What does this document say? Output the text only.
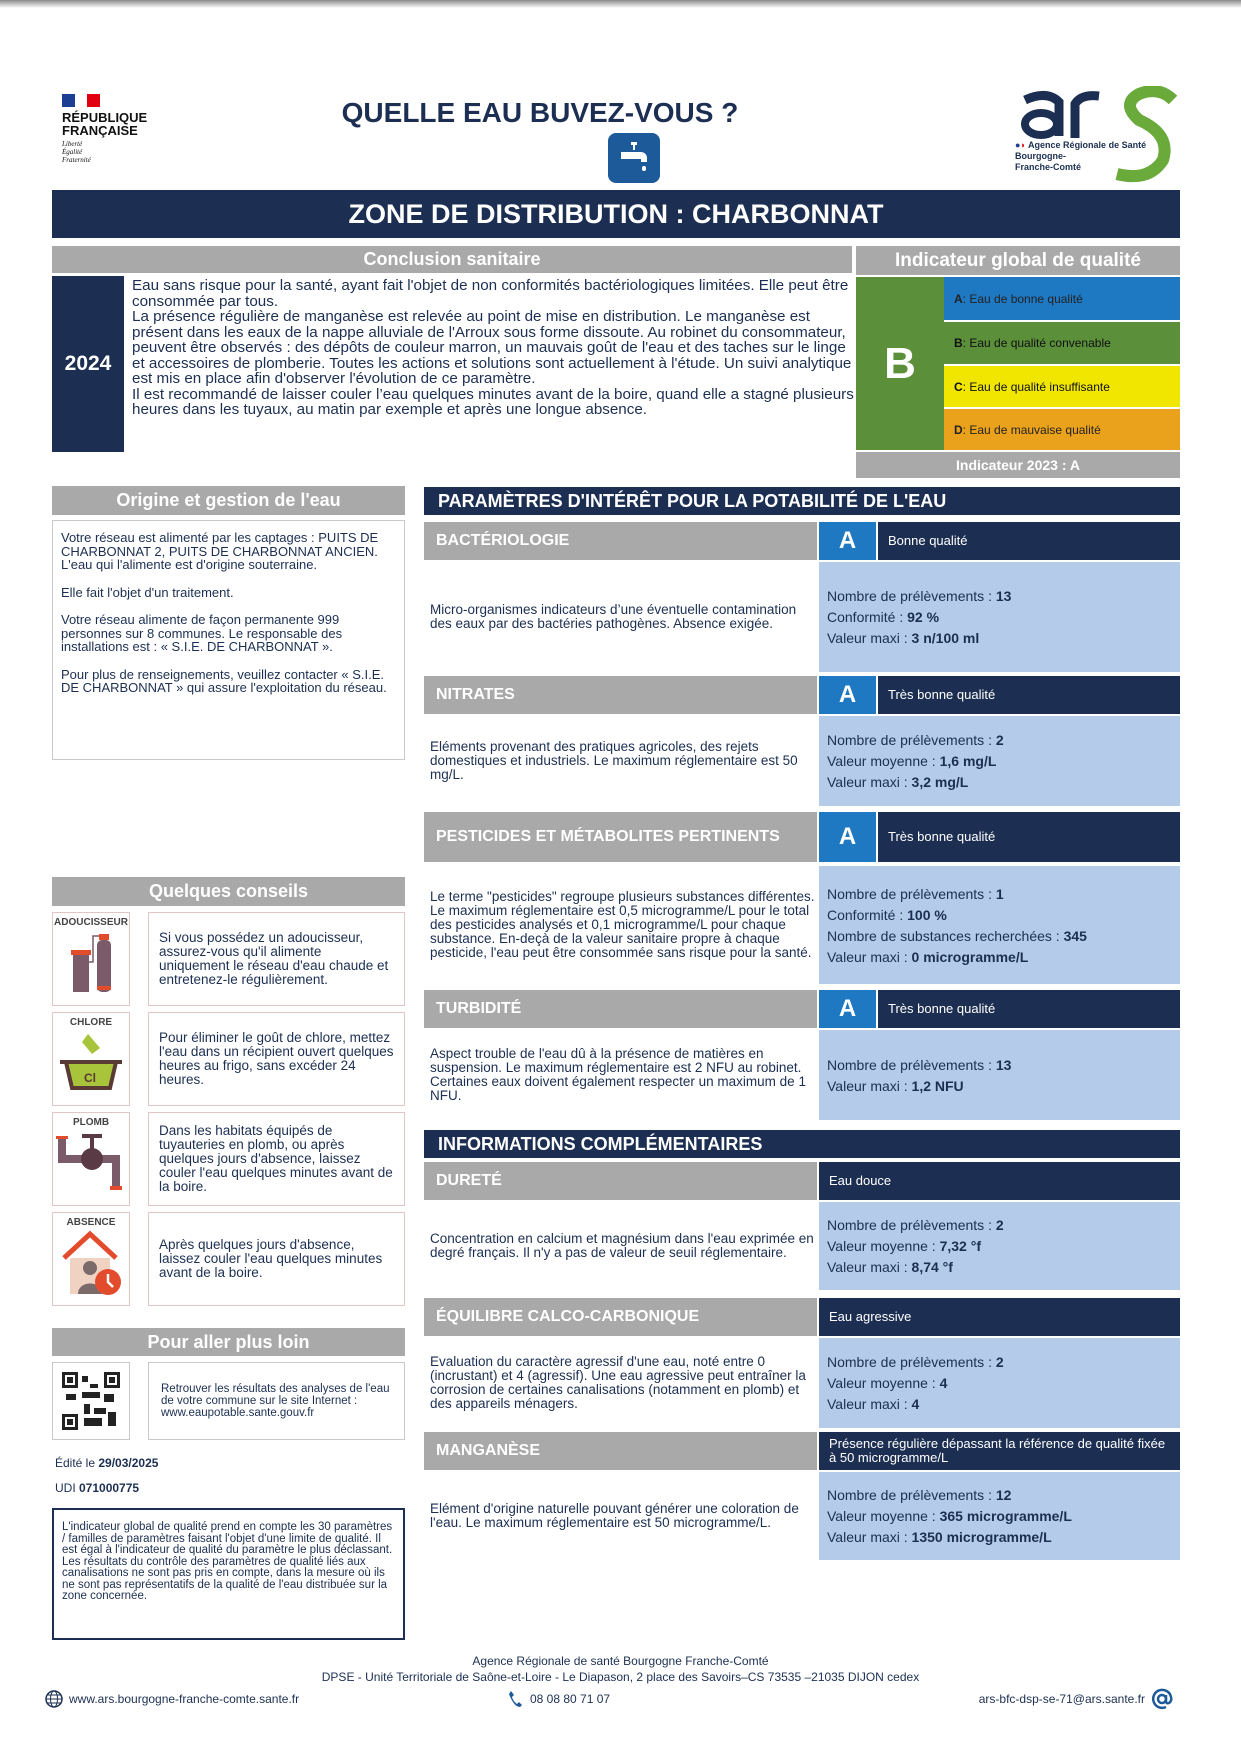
RÉPUBLIQUE
FRANÇAISE
Liberté
Égalité
Fraternité
QUELLE EAU BUVEZ-VOUS ?
●◗ Agence Régionale de Santé
Bourgogne-
Franche-Comté
ZONE DE DISTRIBUTION : CHARBONNAT
Conclusion sanitaire
2024
Eau sans risque pour la santé, ayant fait l'objet de non conformités bactériologiques limitées. Elle peut être consommée par tous.
La présence régulière de manganèse est relevée au point de mise en distribution. Le manganèse est présent dans les eaux de la nappe alluviale de l'Arroux sous forme dissoute. Au robinet du consommateur, peuvent être observés : des dépôts de couleur marron, un mauvais goût de l'eau et des taches sur le linge et accessoires de plomberie. Toutes les actions et solutions sont actuellement à l'étude. Un suivi analytique est mis en place afin d'observer l'évolution de ce paramètre.
Il est recommandé de laisser couler l’eau quelques minutes avant de la boire, quand elle a stagné plusieurs heures dans les tuyaux, au matin par exemple et après une longue absence.
Indicateur global de qualité
B
A : Eau de bonne qualité
B : Eau de qualité convenable
C : Eau de qualité insuffisante
D : Eau de mauvaise qualité
Indicateur 2023 : A
Origine et gestion de l'eau

Votre réseau est alimenté par les captages : PUITS DE CHARBONNAT 2, PUITS DE CHARBONNAT ANCIEN. L'eau qui l'alimente est d'origine souterraine.

Elle fait l'objet d'un traitement.

Votre réseau alimente de façon permanente 999 personnes sur 8 communes. Le responsable des installations est : « S.I.E. DE CHARBONNAT ».

Pour plus de renseignements, veuillez contacter « S.I.E. DE CHARBONNAT » qui assure l'exploitation du réseau.

Quelques conseils
ADOUCISSEUR
Si vous possédez un adoucisseur, assurez-vous qu'il alimente uniquement le réseau d'eau chaude et entretenez-le régulièrement.
CHLORE
Cl
Pour éliminer le goût de chlore, mettez l'eau dans un récipient ouvert quelques heures au frigo, sans excéder 24 heures.
PLOMB
Dans les habitats équipés de tuyauteries en plomb, ou après quelques jours d'absence, laissez couler l'eau quelques minutes avant de la boire.
ABSENCE
Après quelques jours d'absence, laissez couler l'eau quelques minutes avant de la boire.
Pour aller plus loin
Retrouver les résultats des analyses de l'eau de votre commune sur le site Internet : www.eaupotable.sante.gouv.fr
Édité le 29/03/2025
UDI 071000775
L'indicateur global de qualité prend en compte les 30 paramètres / familles de paramètres faisant l'objet d'une limite de qualité. Il est égal à l'indicateur de qualité du paramètre le plus déclassant. Les résultats du contrôle des paramètres de qualité liés aux canalisations ne sont pas pris en compte, dans la mesure où ils ne sont pas représentatifs de la qualité de l'eau distribuée sur la zone concernée.
PARAMÈTRES D'INTÉRÊT POUR LA POTABILITÉ DE L'EAU
BACTÉRIOLOGIE	A	Bonne qualité
Micro-organismes indicateurs d’une éventuelle contamination des eaux par des bactéries pathogènes. Absence exigée.
Nombre de prélèvements : 13
Conformité : 92 %
Valeur maxi : 3 n/100 ml
NITRATES	A	Très bonne qualité
Eléments provenant des pratiques agricoles, des rejets domestiques et industriels. Le maximum réglementaire est 50 mg/L.
Nombre de prélèvements : 2
Valeur moyenne : 1,6 mg/L
Valeur maxi : 3,2 mg/L
PESTICIDES ET MÉTABOLITES PERTINENTS	A	Très bonne qualité
Le terme "pesticides" regroupe plusieurs substances différentes. Le maximum réglementaire est 0,5 microgramme/L pour le total des pesticides analysés et 0,1 microgramme/L pour chaque substance. En-deçà de la valeur sanitaire propre à chaque pesticide, l'eau peut être consommée sans risque pour la santé.
Nombre de prélèvements : 1
Conformité : 100 %
Nombre de substances recherchées : 345
Valeur maxi : 0 microgramme/L
TURBIDITÉ	A	Très bonne qualité
Aspect trouble de l'eau dû à la présence de matières en suspension. Le maximum réglementaire est 2 NFU au robinet. Certaines eaux doivent également respecter un maximum de 1 NFU.
Nombre de prélèvements : 13
Valeur maxi : 1,2 NFU
INFORMATIONS COMPLÉMENTAIRES
DURETÉ	Eau douce
Concentration en calcium et magnésium dans l'eau exprimée en degré français. Il n'y a pas de valeur de seuil réglementaire.
Nombre de prélèvements : 2
Valeur moyenne : 7,32 °f
Valeur maxi : 8,74 °f
ÉQUILIBRE CALCO-CARBONIQUE	Eau agressive
Evaluation du caractère agressif d'une eau, noté entre 0 (incrustant) et 4 (agressif). Une eau agressive peut entraîner la corrosion de certaines canalisations (notamment en plomb) et des appareils ménagers.
Nombre de prélèvements : 2
Valeur moyenne : 4
Valeur maxi : 4
MANGANÈSE	Présence régulière dépassant la référence de qualité fixée à 50 microgramme/L
Elément d'origine naturelle pouvant générer une coloration de l'eau. Le maximum réglementaire est 50 microgramme/L.
Nombre de prélèvements : 12
Valeur moyenne : 365 microgramme/L
Valeur maxi : 1350 microgramme/L
Agence Régionale de santé Bourgogne Franche-Comté
DPSE - Unité Territoriale de Saône-et-Loire - Le Diapason, 2 place des Savoirs–CS 73535 –21035 DIJON cedex
www.ars.bourgogne-franche-comte.sante.fr	08 08 80 71 07	ars-bfc-dsp-se-71@ars.sante.fr
